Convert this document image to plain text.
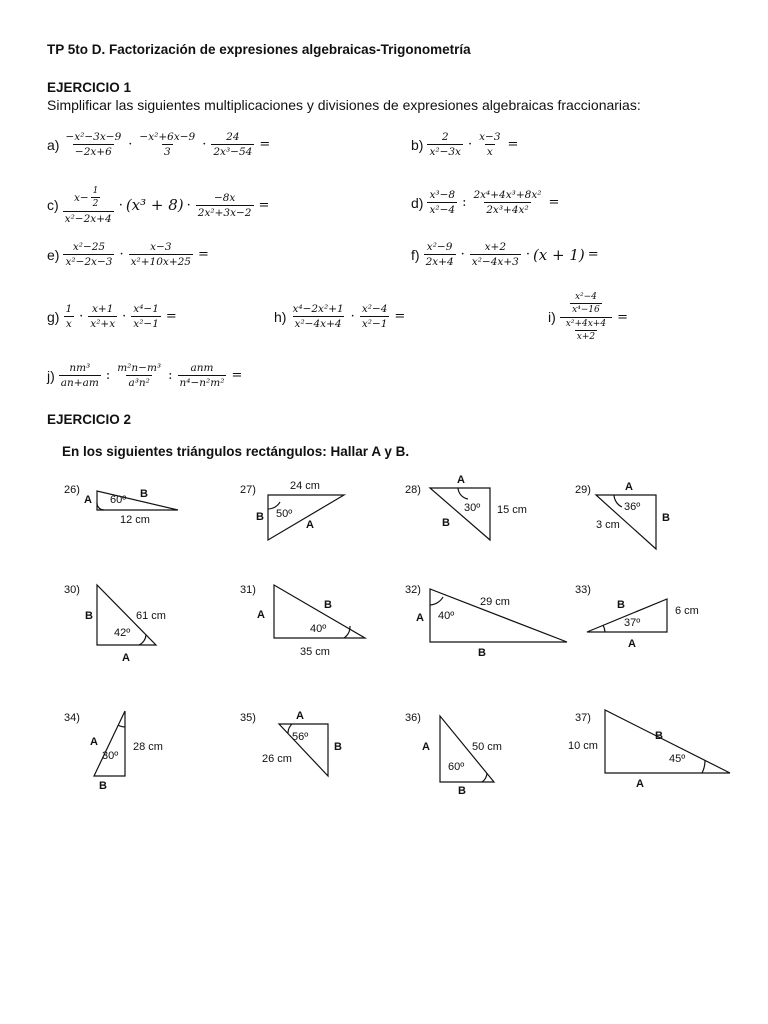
TP 5to D. Factorización de expresiones algebraicas-Trigonometría
EJERCICIO 1
Simplificar las siguientes multiplicaciones y divisiones de expresiones algebraicas fraccionarias:
$a) \frac{\text{−x²−3x−9}}{-2x+6} \cdot \frac{\text{−x²+6x−9}}{3} \cdot \frac{24}{\text{2x³−54}}$ =	$b) \frac{2}{\text{x²−3x}} \cdot \frac{x-3}{x}$ =
$c) \frac{x- \frac{1}{2}}{\text{x²−2x+4}} \cdot (x^3 + 8) \cdot \frac{-8x}{\text{2x²+3x−2}}$ =	$d) \frac{\text{x³−8}}{\text{x²−4}}$ : $\frac{\text{2x⁴+4x³+8x²}}{\text{2x³+4x²}}$ =
$e) \frac{\text{x²−25}}{\text{x²−2x−3}} \cdot \frac{x-3}{\text{x²+10x+25}}$ =	$f) \frac{\text{x²−9}}{2x+4} \cdot \frac{x+2}{\text{x²−4x+3}} \cdot (x + 1)$ =
$g) \frac{1}{x} \cdot \frac{x+1}{\text{x²+x}} \cdot \frac{\text{x⁴−1}}{\text{x²−1}}$ =	$h) \frac{\text{x⁴−2x²+1}}{\text{x²−4x+4}} \cdot \frac{\text{x²−4}}{\text{x²−1}}$ =	$i) \frac{\frac{\text{x²−4}}{\text{x⁴−16}}}{\frac{\text{x²+4x+4}}{x+2}}$ =
$j) \frac{\text{nm³}}{an+am}$ : $\frac{\text{m²n−m³}}{\text{a³n²}}$ : $\frac{\text{anm}}{\text{n⁴−n²m²}}$ =
EJERCICIO 2
En los siguientes triángulos rectángulos: Hallar A y B.
26)
60º
A	B
12 cm
27)
50º
24 cm
B
A
28)
30º
A
15 cm
B
29)
36º
A
B
3 cm
30)
42º
B	61 cm
A
31)
40º
A
B
35 cm
32)
40º
A
29 cm
B
33)
37º
B	6 cm
A
34)
30º
A	28 cm
B
35)
56º
A
B
26 cm
36)
60º
A	50 cm
B
37)
45º
10 cm
B
A
